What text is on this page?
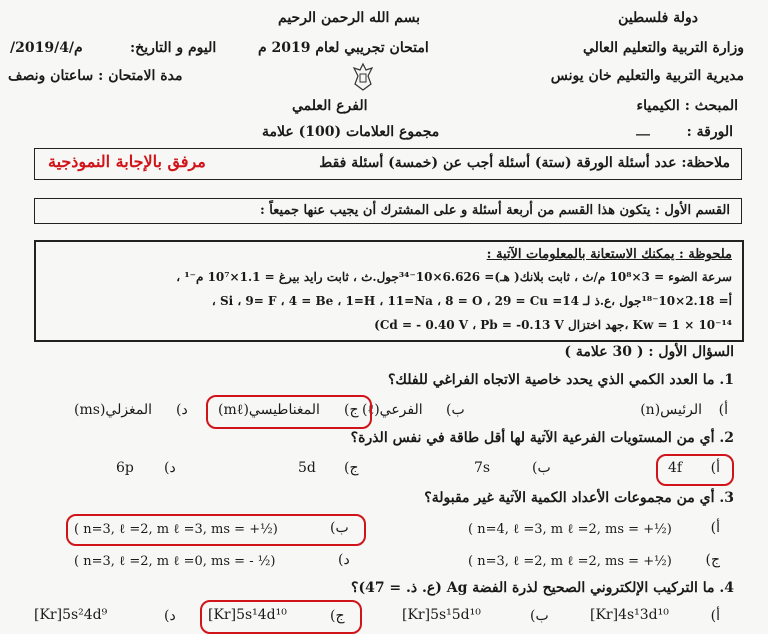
بسم الله الرحمن الرحيم	دولة فلسطين
وزارة التربية والتعليم العالي
امتحان تجريبي لعام 2019 م
اليوم و التاريخ:
/2019/4/م
مديرية التربية والتعليم خان يونس
مدة الامتحان : ساعتان ونصف
المبحث : الكيمياء
الفرع العلمي
الورقة :
__
مجموع العلامات (100) علامة
ملاحظة: عدد أسئلة الورقة (ستة) أسئلة أجب عن (خمسة) أسئلة فقط
مرفق بالإجابة النموذجية
القسم الأول : يتكون هذا القسم من أربعة أسئلة و على المشترك أن يجيب عنها جميعاً :
ملحوظة : يمكنك الاستعانة بالمعلومات الآتية :
سرعة الضوء = 3×10⁸ م/ث ، ثابت بلانك( هـ)= 6.626×10⁻³⁴جول.ث ، ثابت رايد بيرغ = 1.1×10⁷ م⁻¹ ،
أ= 2.18×10⁻¹⁸جول ،ع.ذ لـ 14= Si ، 9= F ، 4 = Be ، 1=H ، 11=Na ، 8 = O ، 29 = Cu ،
Kw = 1 × 10⁻¹⁴ ،جهد اختزال Cd = - 0.40 V ، Pb = -0.13 V)
السؤال الأول : ( 30 علامة )
1. ما العدد الكمي الذي يحدد خاصية الاتجاه الفراغي للفلك؟
أ)
الرئيس(n)
ب)
الفرعي(ℓ)
ج)
المغناطيسي(mℓ)
د)
المغزلي(ms)
2. أي من المستويات الفرعية الآتية لها أقل طاقة في نفس الذرة؟
أ)
4f
ب)
7s
ج)
5d
د)
6p
3. أي من مجموعات الأعداد الكمية الآتية غير مقبولة؟
أ)
( n=4, ℓ =3, m ℓ =2, ms = +½)
ب)
( n=3, ℓ =2, m ℓ =3, ms = +½)
ج)
( n=3, ℓ =2, m ℓ =2, ms = +½)
د)
( n=3, ℓ =2, m ℓ =0, ms = - ½)
4. ما التركيب الإلكتروني الصحيح لذرة الفضة Ag (ع. ذ. = 47)؟
أ)
[Kr]4s¹3d¹⁰
ب)
[Kr]5s¹5d¹⁰
ج)
[Kr]5s¹4d¹⁰
د)
[Kr]5s²4d⁹
